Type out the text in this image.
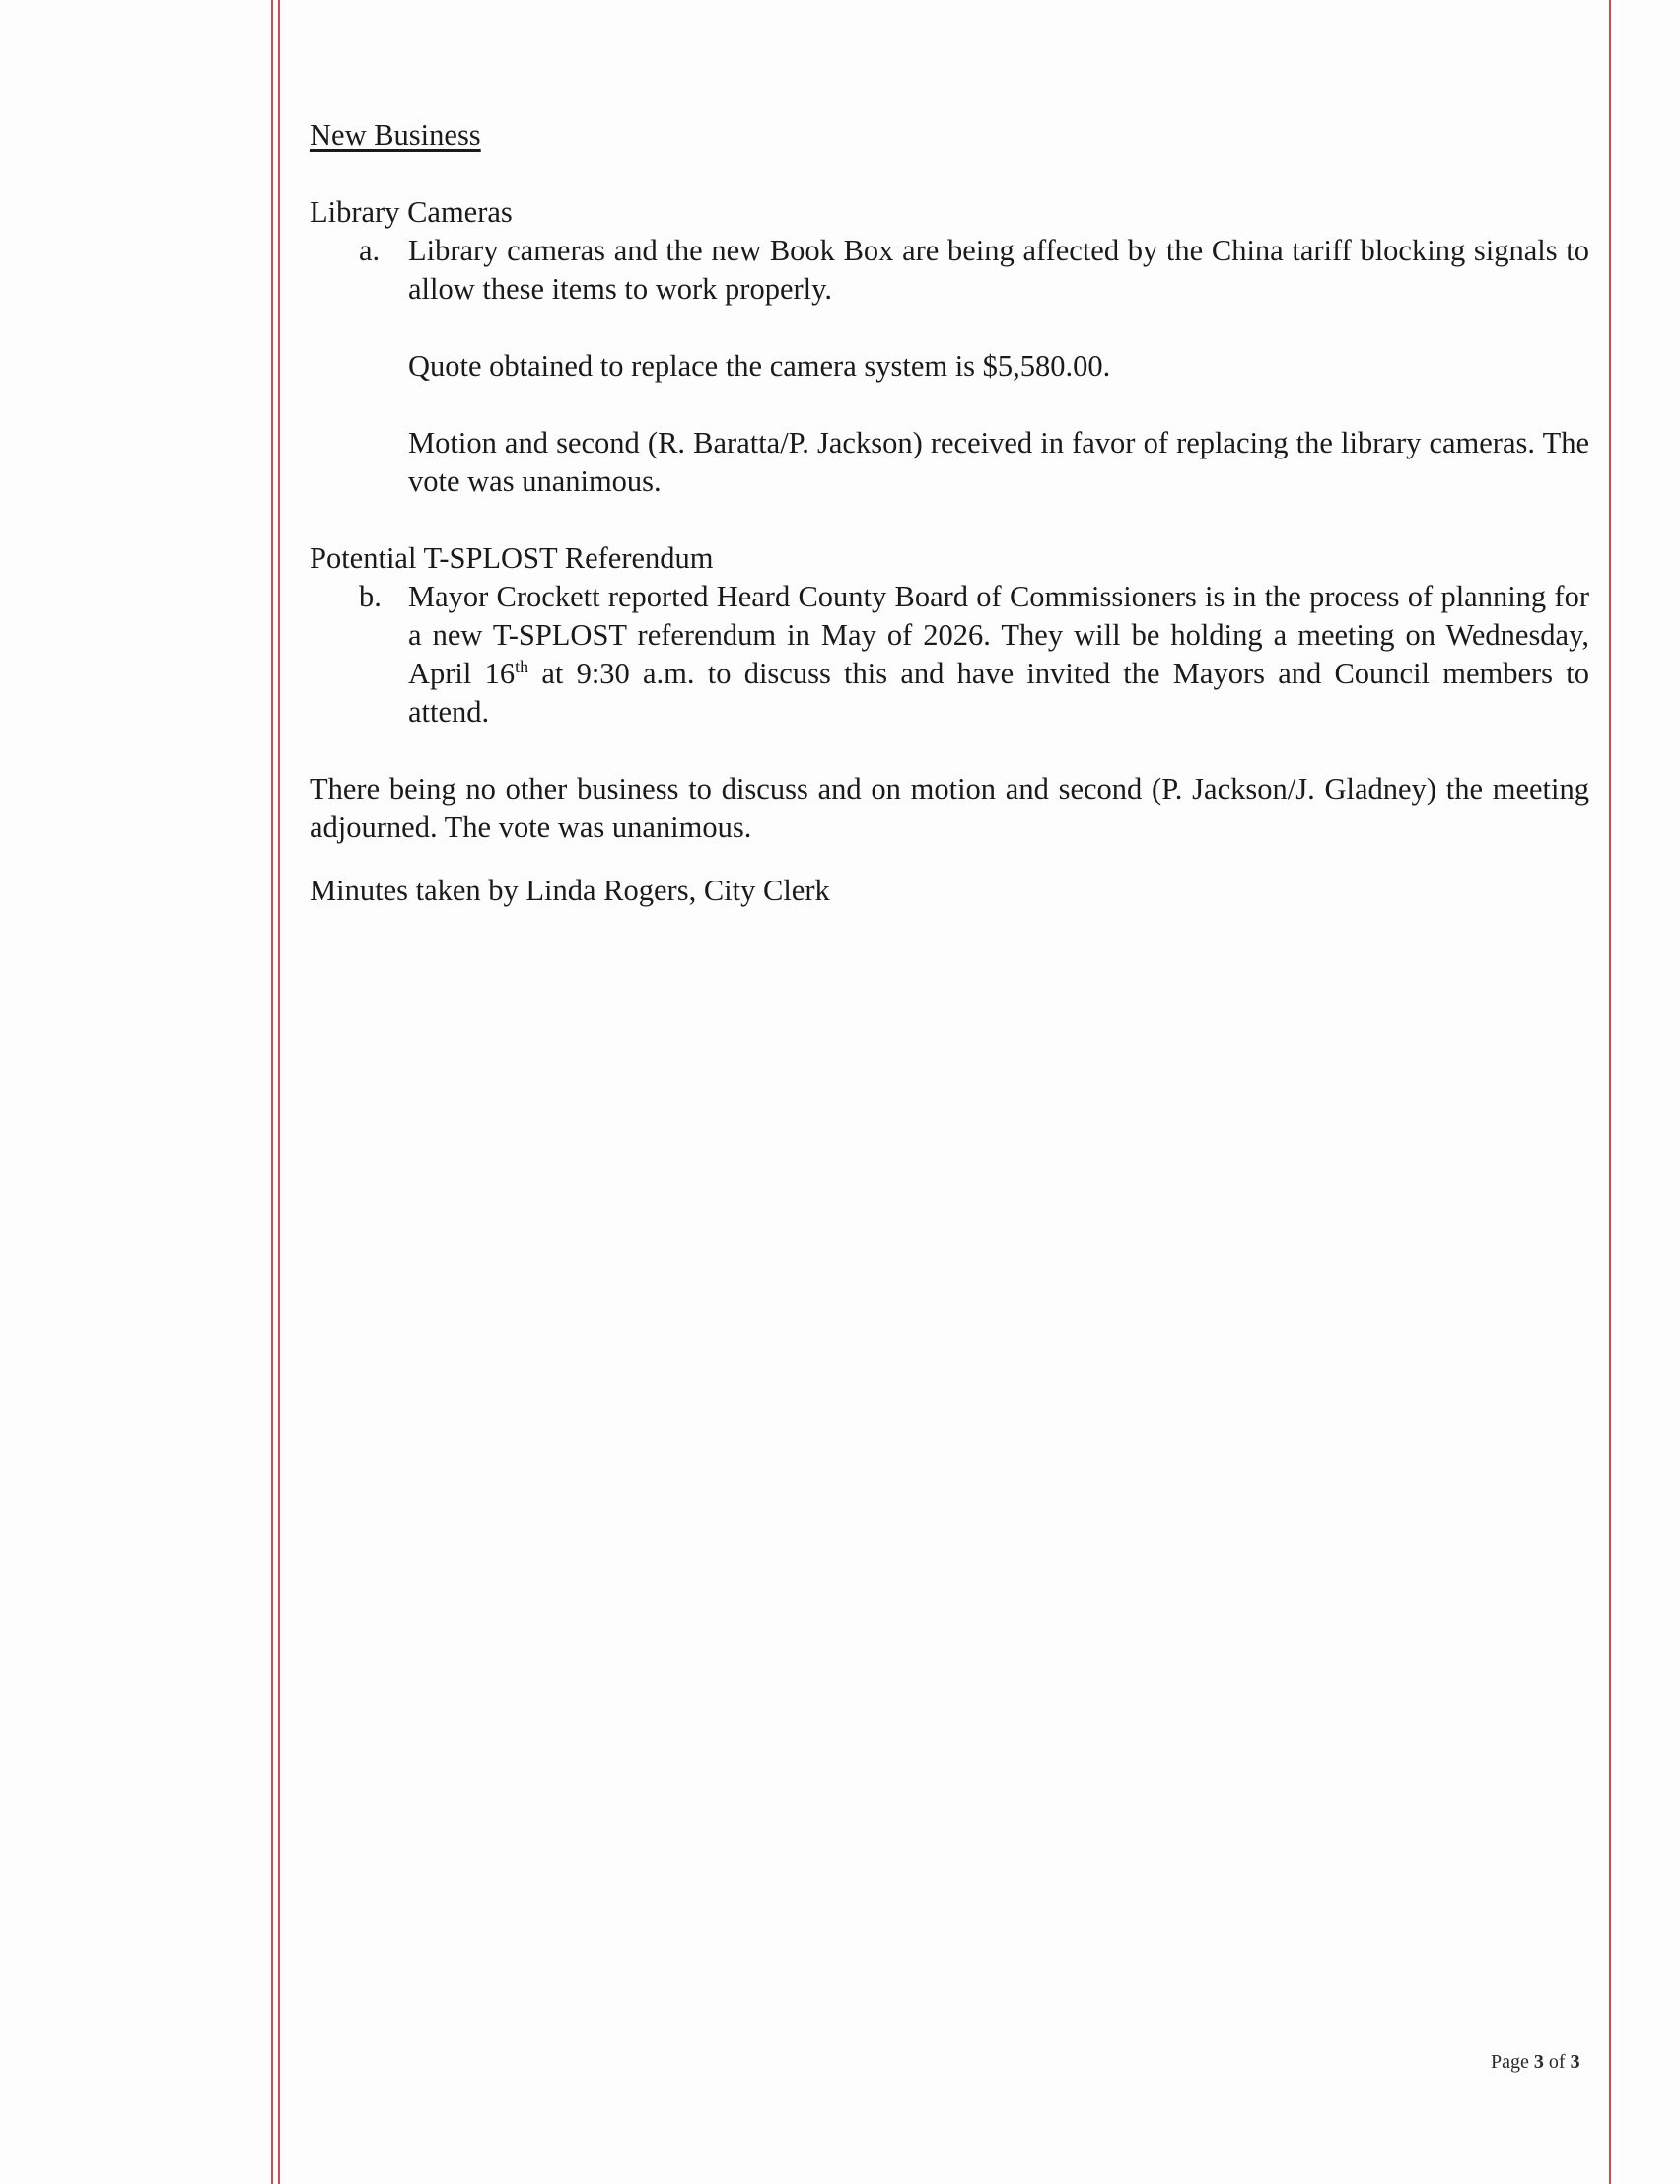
New Business

Library Cameras

a. Library cameras and the new Book Box are being affected by the China tariff blocking signals to allow these items to work properly.

Quote obtained to replace the camera system is $5,580.00.

Motion and second (R. Baratta/P. Jackson) received in favor of replacing the library cameras. The vote was unanimous.

Potential T-SPLOST Referendum

b. Mayor Crockett reported Heard County Board of Commissioners is in the process of planning for a new T-SPLOST referendum in May of 2026. They will be holding a meeting on Wednesday, April 16th at 9:30 a.m. to discuss this and have invited the Mayors and Council members to attend.

There being no other business to discuss and on motion and second (P. Jackson/J. Gladney) the meeting adjourned. The vote was unanimous.

Minutes taken by Linda Rogers, City Clerk

Page 3 of 3
